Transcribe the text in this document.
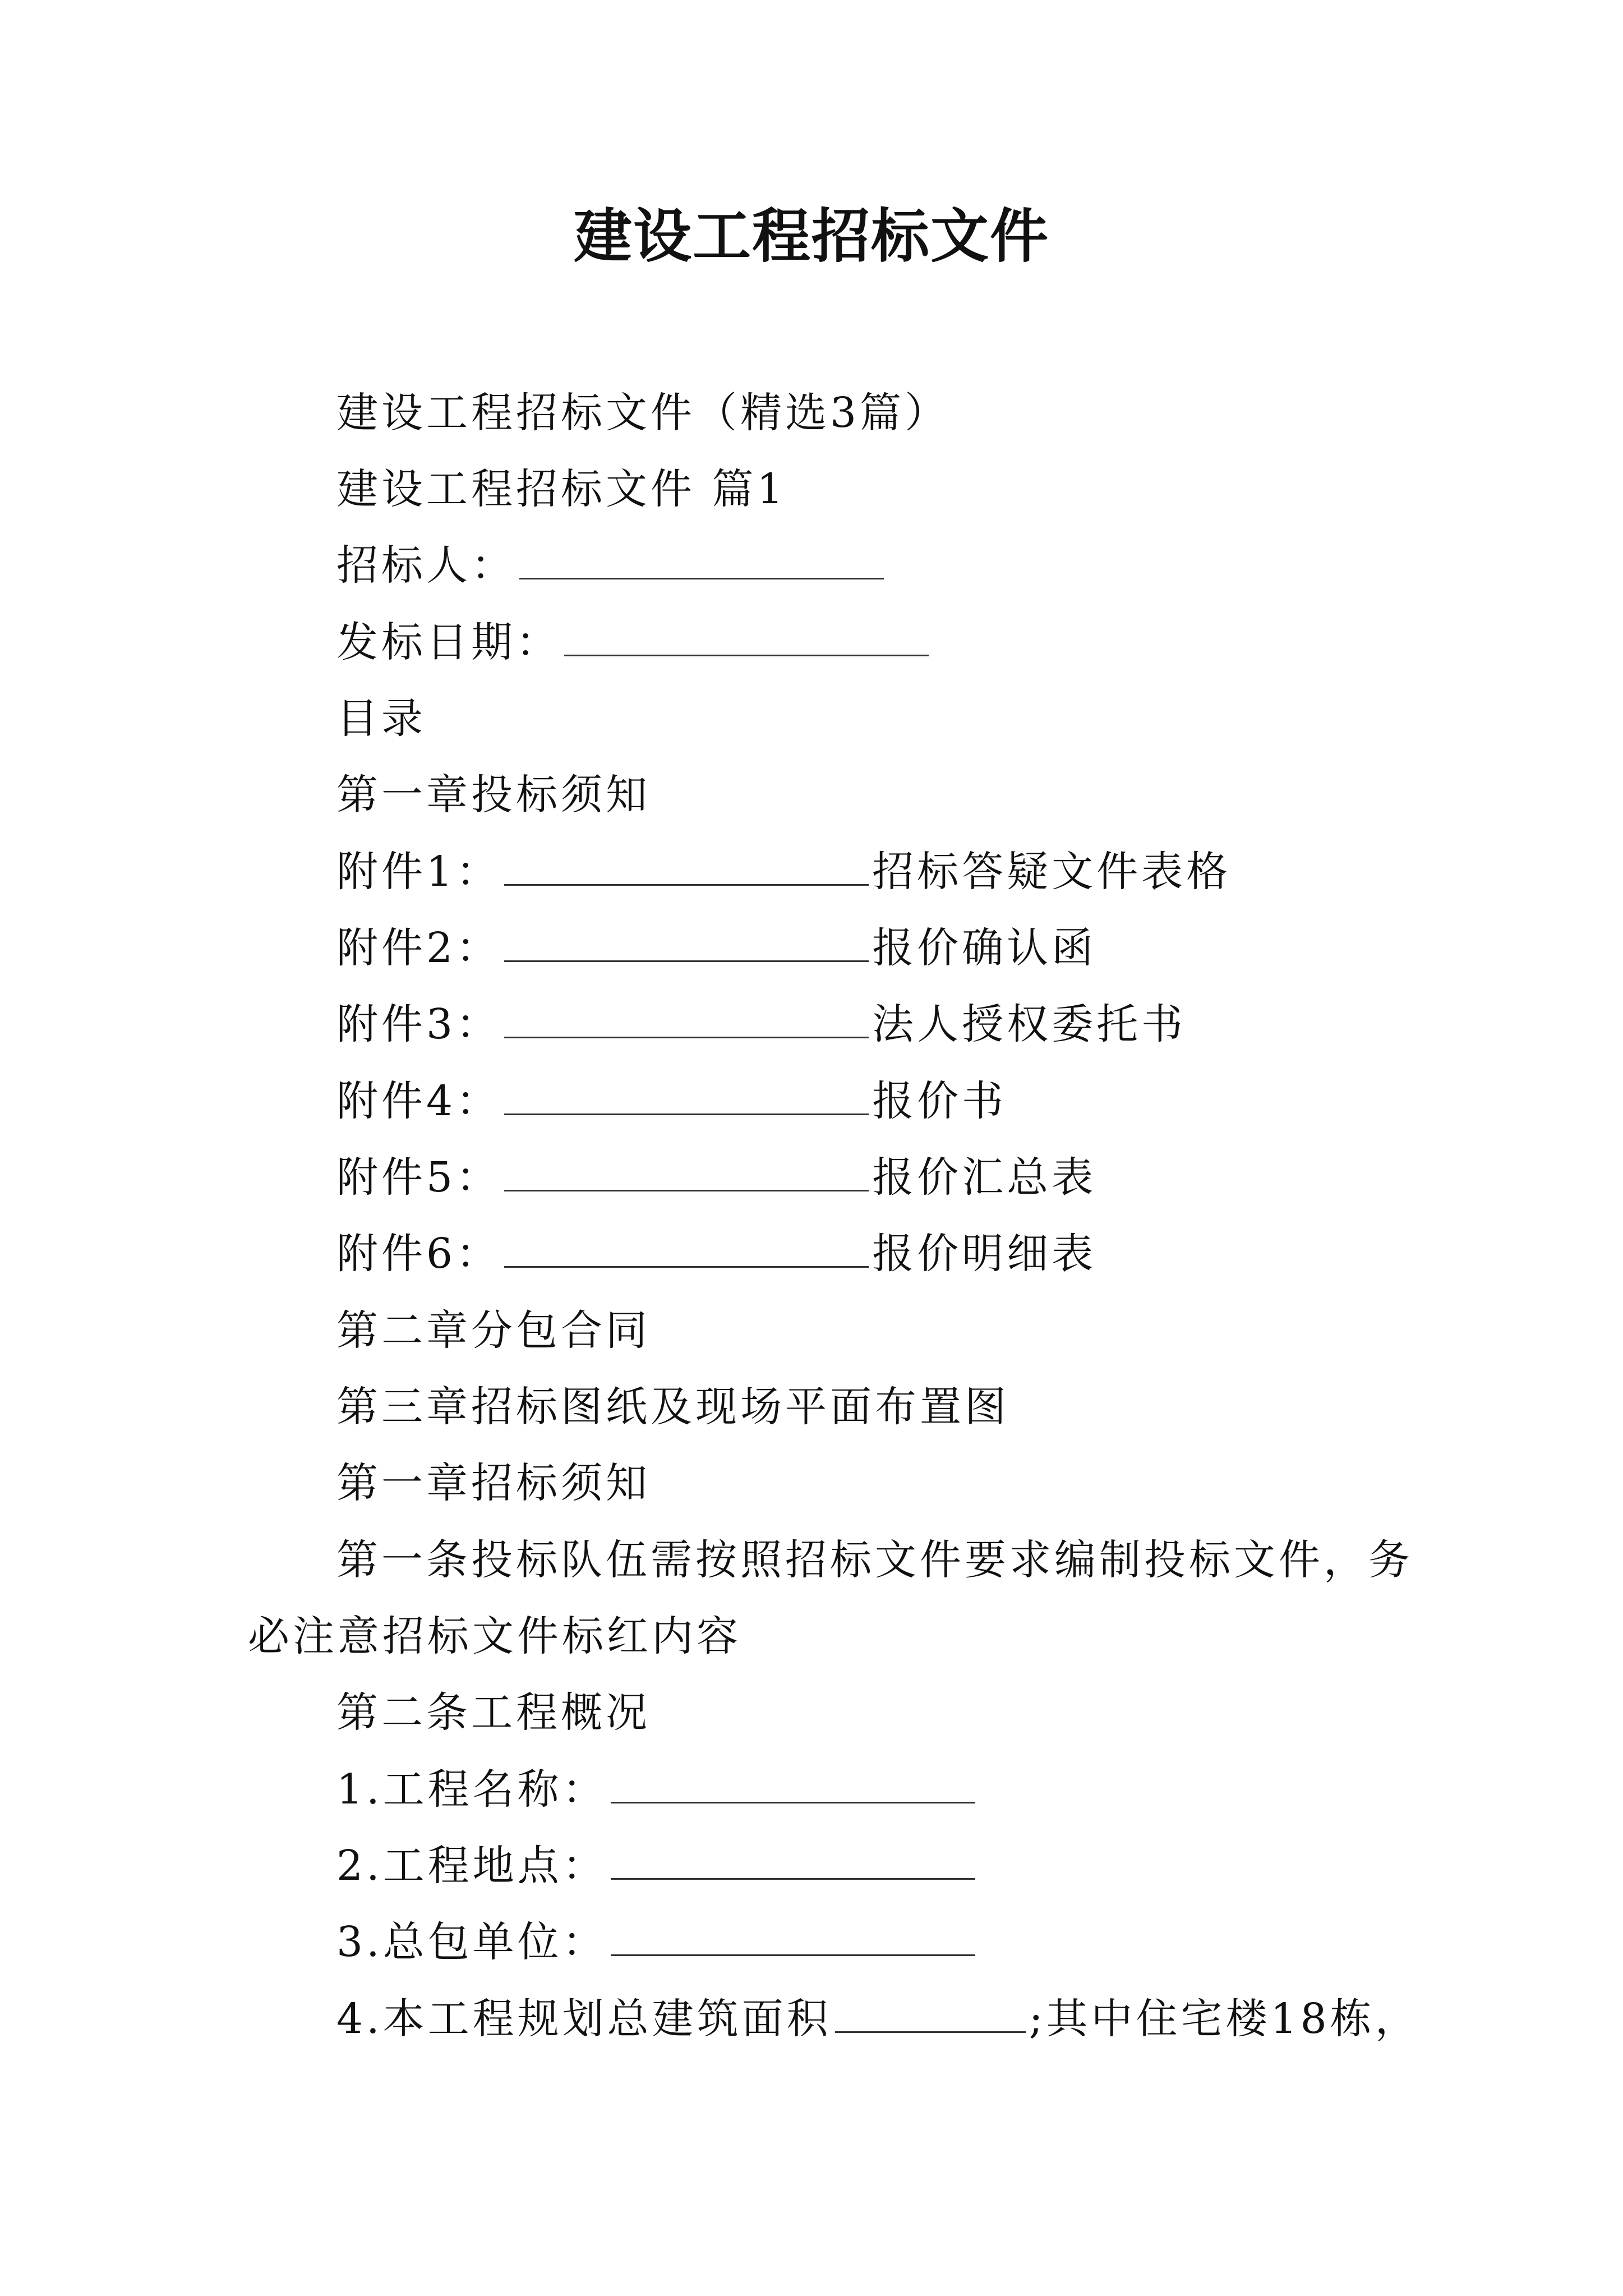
建设工程招标文件
建设工程招标文件（精选3篇）
建设工程招标文件 篇1
招标人：
发标日期：
目录
第一章投标须知
附件1：	招标答疑文件表格
附件2：	报价确认函
附件3：	法人授权委托书
附件4：	报价书
附件5：	报价汇总表
附件6：	报价明细表
第二章分包合同
第三章招标图纸及现场平面布置图
第一章招标须知
第一条投标队伍需按照招标文件要求编制投标文件，务
必注意招标文件标红内容
第二条工程概况
1.工程名称：
2.工程地点：
3.总包单位：
4.本工程规划总建筑面积	;其中住宅楼18栋，
